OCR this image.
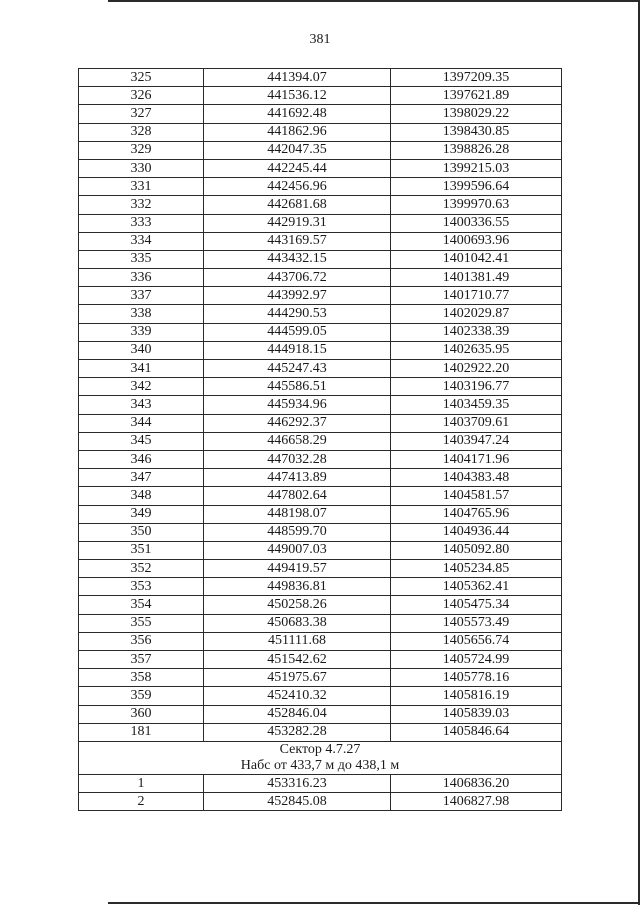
381
325	441394.07	1397209.35
326	441536.12	1397621.89
327	441692.48	1398029.22
328	441862.96	1398430.85
329	442047.35	1398826.28
330	442245.44	1399215.03
331	442456.96	1399596.64
332	442681.68	1399970.63
333	442919.31	1400336.55
334	443169.57	1400693.96
335	443432.15	1401042.41
336	443706.72	1401381.49
337	443992.97	1401710.77
338	444290.53	1402029.87
339	444599.05	1402338.39
340	444918.15	1402635.95
341	445247.43	1402922.20
342	445586.51	1403196.77
343	445934.96	1403459.35
344	446292.37	1403709.61
345	446658.29	1403947.24
346	447032.28	1404171.96
347	447413.89	1404383.48
348	447802.64	1404581.57
349	448198.07	1404765.96
350	448599.70	1404936.44
351	449007.03	1405092.80
352	449419.57	1405234.85
353	449836.81	1405362.41
354	450258.26	1405475.34
355	450683.38	1405573.49
356	451111.68	1405656.74
357	451542.62	1405724.99
358	451975.67	1405778.16
359	452410.32	1405816.19
360	452846.04	1405839.03
181	453282.28	1405846.64

Сектор 4.7.27
Набс от 433,7 м до 438,1 м		

1	453316.23	1406836.20
2	452845.08	1406827.98
